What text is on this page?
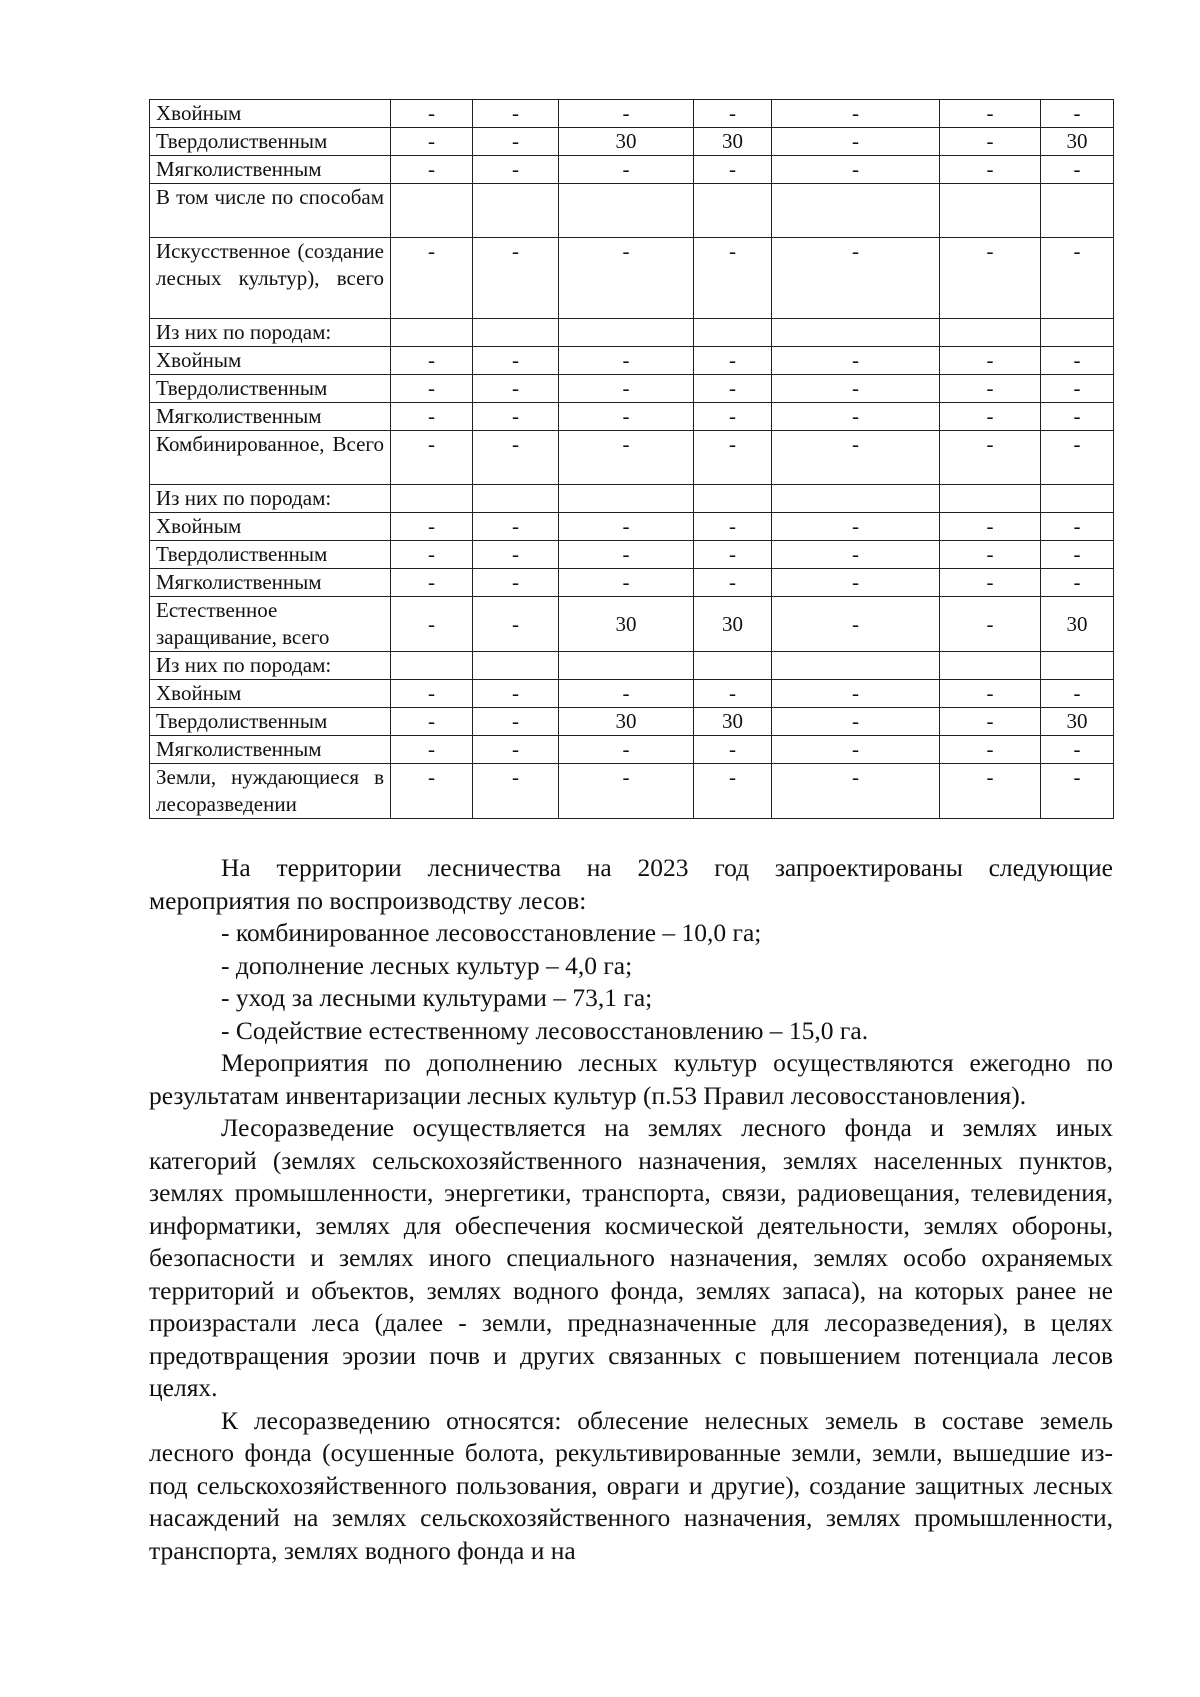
Хвойным	-	-	-	-	-	-	-
Твердолиственным	-	-	30	30	-	-	30
Мягколиственным	-	-	-	-	-	-	-
В том числе по способам							
Искусственное (создание лесных культур), всего	-	-	-	-	-	-	-
Из них по породам:							
Хвойным	-	-	-	-	-	-	-
Твердолиственным	-	-	-	-	-	-	-
Мягколиственным	-	-	-	-	-	-	-
Комбинированное, Всего	-	-	-	-	-	-	-
Из них по породам:							
Хвойным	-	-	-	-	-	-	-
Твердолиственным	-	-	-	-	-	-	-
Мягколиственным	-	-	-	-	-	-	-
Естественное заращивание, всего	-	-	30	30	-	-	30
Из них по породам:							
Хвойным	-	-	-	-	-	-	-
Твердолиственным	-	-	30	30	-	-	30
Мягколиственным	-	-	-	-	-	-	-
Земли, нуждающиеся в лесоразведении	-	-	-	-	-	-	-

На территории лесничества на 2023 год запроектированы следующие мероприятия по воспроизводству лесов:

- комбинированное лесовосстановление – 10,0 га;

- дополнение лесных культур – 4,0 га;

- уход за лесными культурами – 73,1 га;

- Содействие естественному лесовосстановлению – 15,0 га.

Мероприятия по дополнению лесных культур осуществляются ежегодно по результатам инвентаризации лесных культур (п.53 Правил лесовосстановления).

Лесоразведение осуществляется на землях лесного фонда и землях иных категорий (землях сельскохозяйственного назначения, землях населенных пунктов, землях промышленности, энергетики, транспорта, связи, радиовещания, телевидения, информатики, землях для обеспечения космической деятельности, землях обороны, безопасности и землях иного специального назначения, землях особо охраняемых территорий и объектов, землях водного фонда, землях запаса), на которых ранее не произрастали леса (далее - земли, предназначенные для лесоразведения), в целях предотвращения эрозии почв и других связанных с повышением потенциала лесов целях.

К лесоразведению относятся: облесение нелесных земель в составе земель лесного фонда (осушенные болота, рекультивированные земли, земли, вышедшие из-под сельскохозяйственного пользования, овраги и другие), создание защитных лесных насаждений на землях сельскохозяйственного назначения, землях промышленности, транспорта, землях водного фонда и на
